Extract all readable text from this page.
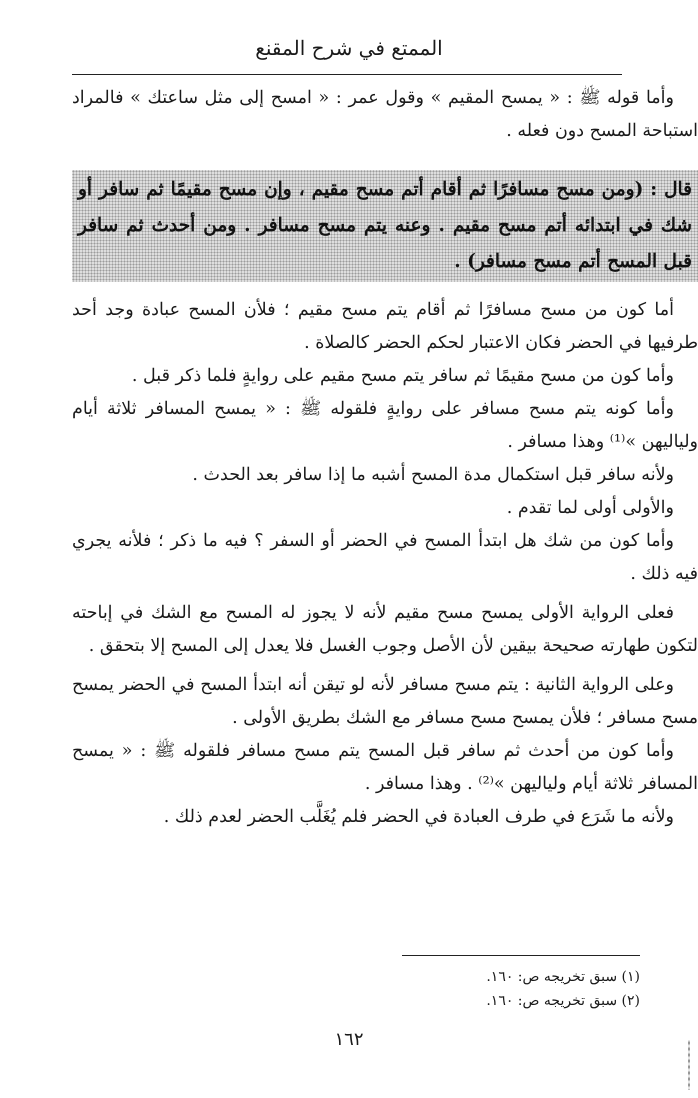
الممتع في شرح المقنع

وأما قوله ﷺ : « يمسح المقيم » وقول عمر : « امسح إلى مثل ساعتك » فالمراد استباحة المسح دون فعله .

قال : (ومن مسح مسافرًا ثم أقام أتم مسح مقيم ، وإن مسح مقيمًا ثم سافر أو شك في ابتدائه أتم مسح مقيم . وعنه يتم مسح مسافر . ومن أحدث ثم سافر قبل المسح أتم مسح مسافر) .

أما كون من مسح مسافرًا ثم أقام يتم مسح مقيم ؛ فلأن المسح عبادة وجد أحد طرفيها في الحضر فكان الاعتبار لحكم الحضر كالصلاة .

وأما كون من مسح مقيمًا ثم سافر يتم مسح مقيم على روايةٍ فلما ذكر قبل .

وأما كونه يتم مسح مسافر على روايةٍ فلقوله ﷺ : « يمسح المسافر ثلاثة أيام ولياليهن »⁽¹⁾ وهذا مسافر .

ولأنه سافر قبل استكمال مدة المسح أشبه ما إذا سافر بعد الحدث .

والأولى أولى لما تقدم .

وأما كون من شك هل ابتدأ المسح في الحضر أو السفر ؟ فيه ما ذكر ؛ فلأنه يجري فيه ذلك .

فعلى الرواية الأولى يمسح مسح مقيم لأنه لا يجوز له المسح مع الشك في إباحته لتكون طهارته صحيحة بيقين لأن الأصل وجوب الغسل فلا يعدل إلى المسح إلا بتحقق .

وعلى الرواية الثانية : يتم مسح مسافر لأنه لو تيقن أنه ابتدأ المسح في الحضر يمسح مسح مسافر ؛ فلأن يمسح مسح مسافر مع الشك بطريق الأولى .

وأما كون من أحدث ثم سافر قبل المسح يتم مسح مسافر فلقوله ﷺ : « يمسح المسافر ثلاثة أيام ولياليهن »⁽²⁾ . وهذا مسافر .

ولأنه ما شَرَع في طرف العبادة في الحضر فلم يُغَلَّب الحضر لعدم ذلك .

(١) سبق تخريجه ص: ١٦٠.
(٢) سبق تخريجه ص: ١٦٠.
١٦٢
